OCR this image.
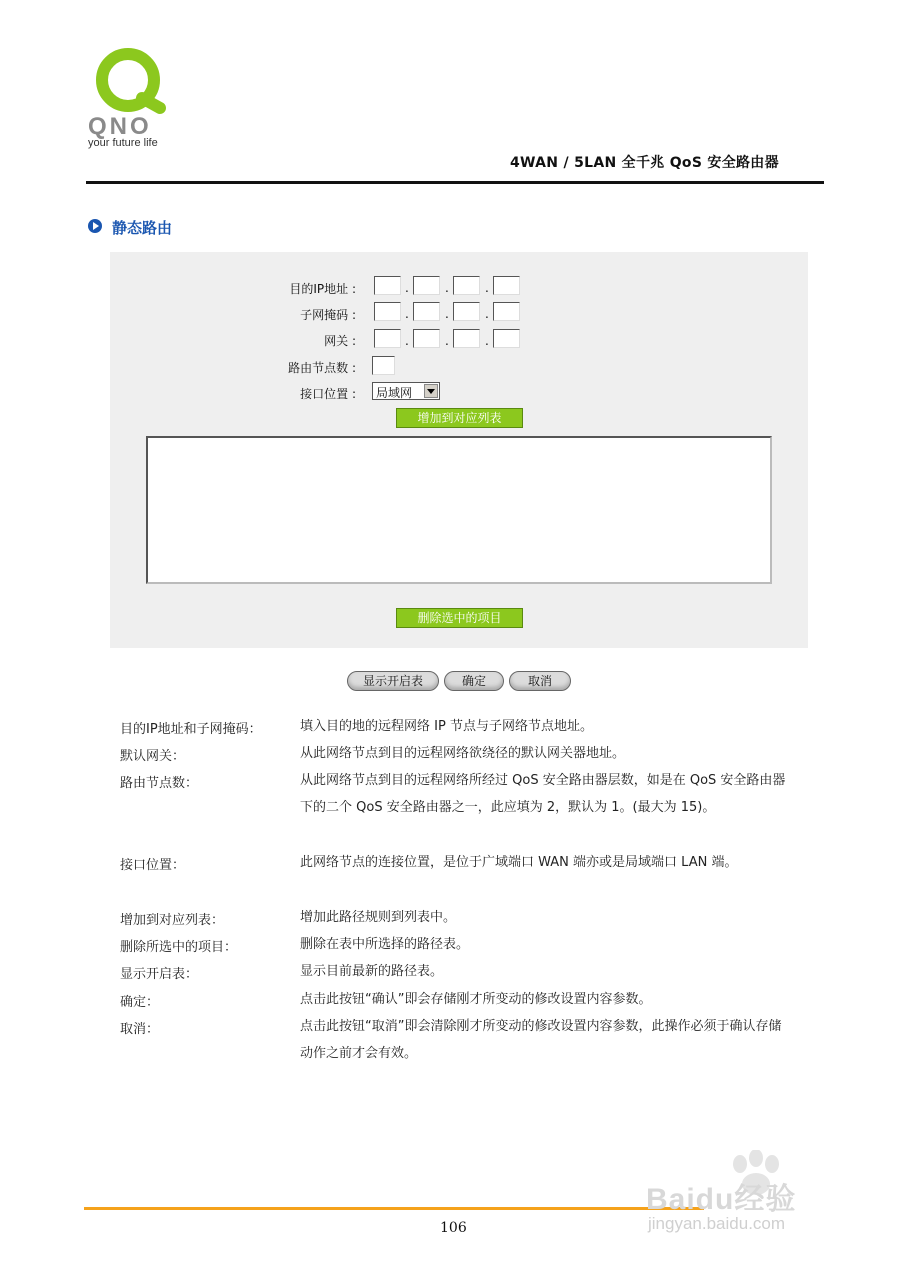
QNO
your future life
4WAN / 5LAN 全千兆 QoS 安全路由器
静态路由
目的IP地址 :	.	.	.
子网掩码 :	.	.	.
网关 :	.	.	.
路由节点数 :
接口位置 : 局域网
增加到对应列表
删除选中的项目
显示开启表	确定	取消
目的IP地址和子网掩码：	填入目的地的远程网络 IP 节点与子网络节点地址。
默认网关：	从此网络节点到目的远程网络欲绕径的默认网关器地址。
路由节点数：	从此网络节点到目的远程网络所经过 QoS 安全路由器层数，如是在 QoS 安全路由器下的二个 QoS 安全路由器之一，此应填为 2，默认为 1。(最大为 15)。
接口位置：	此网络节点的连接位置，是位于广域端口 WAN 端亦或是局域端口 LAN 端。
增加到对应列表：	增加此路径规则到列表中。
删除所选中的项目：	删除在表中所选择的路径表。
显示开启表：	显示目前最新的路径表。
确定：	点击此按钮“确认”即会存储刚才所变动的修改设置内容参数。
取消：	点击此按钮“取消”即会清除刚才所变动的修改设置内容参数，此操作必须于确认存储动作之前才会有效。
106
Baidu经验
jingyan.baidu.com
